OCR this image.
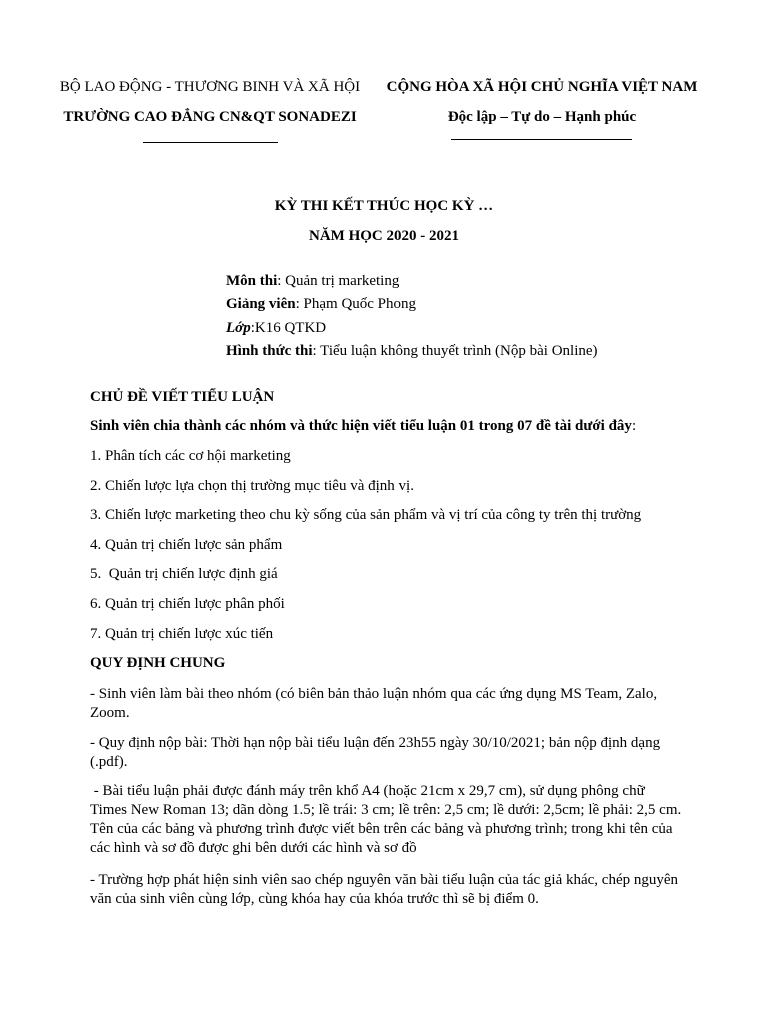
BỘ LAO ĐỘNG - THƯƠNG BINH VÀ XÃ HỘI
TRƯỜNG CAO ĐẲNG CN&QT SONADEZI
CỘNG HÒA XÃ HỘI CHỦ NGHĨA VIỆT NAM
Độc lập – Tự do – Hạnh phúc
KỲ THI KẾT THÚC HỌC KỲ …
NĂM HỌC 2020 - 2021
Môn thi: Quản trị marketing
Giảng viên: Phạm Quốc Phong
Lớp:K16 QTKD
Hình thức thi: Tiểu luận không thuyết trình (Nộp bài Online)
CHỦ ĐỀ VIẾT TIỂU LUẬN
Sinh viên chia thành các nhóm và thức hiện viết tiểu luận 01 trong 07 đề tài dưới đây:
1. Phân tích các cơ hội marketing
2. Chiến lược lựa chọn thị trường mục tiêu và định vị.
3. Chiến lược marketing theo chu kỳ sống của sản phẩm và vị trí của công ty trên thị trường
4. Quản trị chiến lược sản phẩm
5.  Quản trị chiến lược định giá
6. Quản trị chiến lược phân phối
7. Quản trị chiến lược xúc tiến
QUY ĐỊNH CHUNG
- Sinh viên làm bài theo nhóm (có biên bản thảo luận nhóm qua các ứng dụng MS Team, Zalo, Zoom.
- Quy định nộp bài: Thời hạn nộp bài tiểu luận đến 23h55 ngày 30/10/2021; bản nộp định dạng (.pdf).
- Bài tiểu luận phải được đánh máy trên khổ A4 (hoặc 21cm x 29,7 cm), sử dụng phông chữ Times New Roman 13; dãn dòng 1.5; lề trái: 3 cm; lề trên: 2,5 cm; lề dưới: 2,5cm; lề phải: 2,5 cm. Tên của các bảng và phương trình được viết bên trên các bảng và phương trình; trong khi tên của các hình và sơ đồ được ghi bên dưới các hình và sơ đồ
- Trường hợp phát hiện sinh viên sao chép nguyên văn bài tiểu luận của tác giả khác, chép nguyên văn của sinh viên cùng lớp, cùng khóa hay của khóa trước thì sẽ bị điểm 0.
